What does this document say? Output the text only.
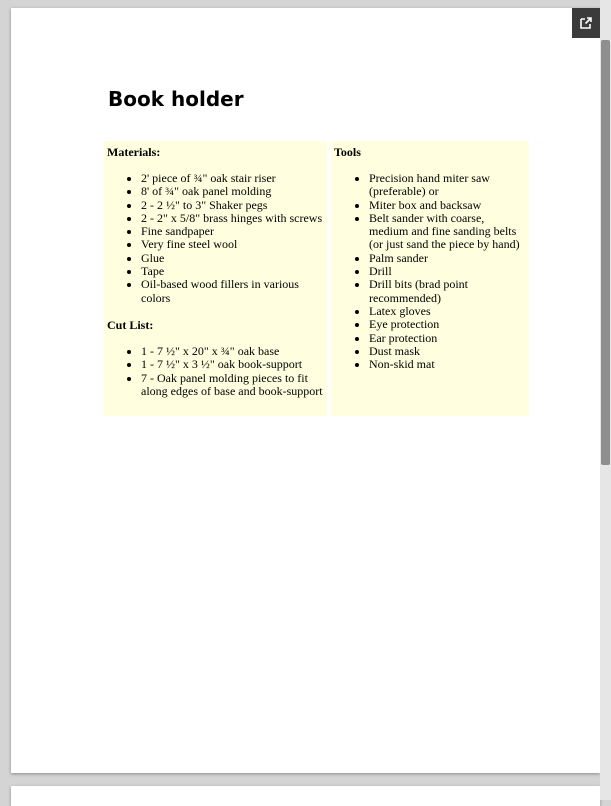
Book holder
Materials:
• 2' piece of ¾" oak stair riser
• 8' of ¾" oak panel molding
• 2 - 2 ½" to 3" Shaker pegs
• 2 - 2" x 5/8" brass hinges with screws
• Fine sandpaper
• Very fine steel wool
• Glue
• Tape
• Oil-based wood fillers in various colors
Cut List:
• 1 - 7 ½" x 20" x ¾" oak base
• 1 - 7 ½" x 3 ½" oak book-support
• 7 - Oak panel molding pieces to fit along edges of base and book-support
Tools
• Precision hand miter saw (preferable) or
• Miter box and backsaw
• Belt sander with coarse, medium and fine sanding belts (or just sand the piece by hand)
• Palm sander
• Drill
• Drill bits (brad point recommended)
• Latex gloves
• Eye protection
• Ear protection
• Dust mask
• Non-skid mat
